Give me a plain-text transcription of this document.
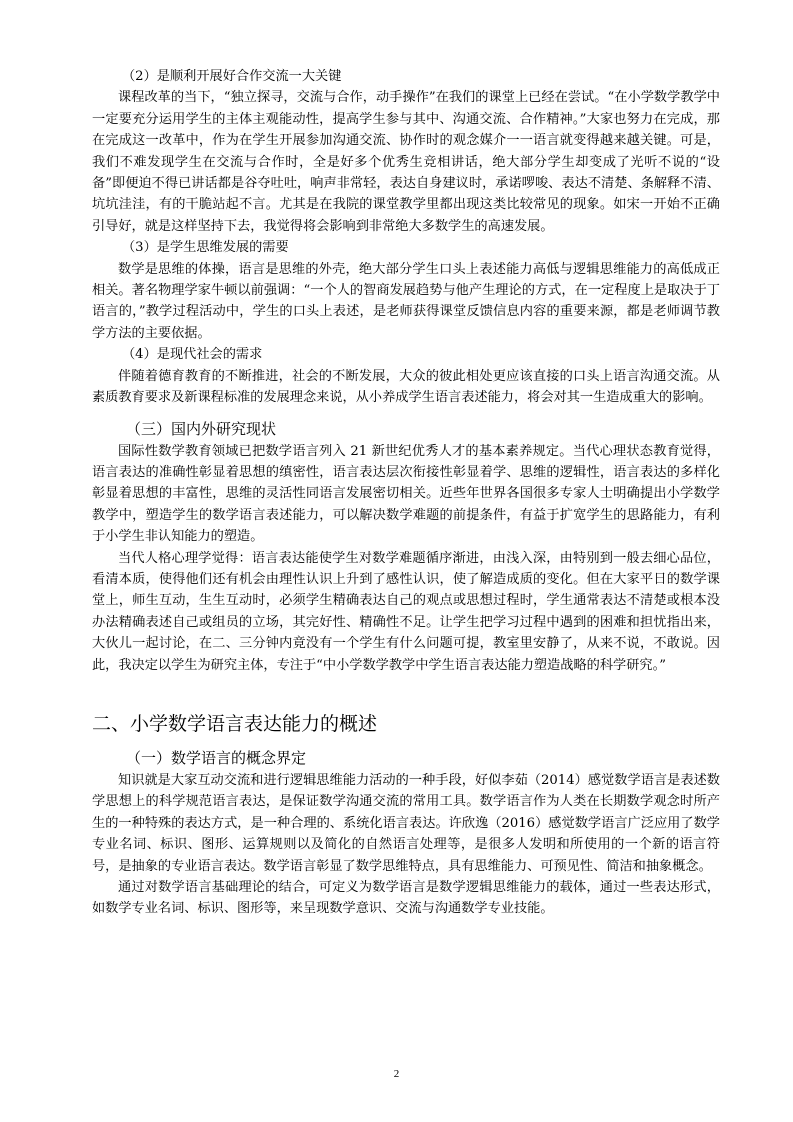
（2）是顺利开展好合作交流一大关键

课程改革的当下，“独立探寻，交流与合作，动手操作”在我们的课堂上已经在尝试。“在小学数学教学中一定要充分运用学生的主体主观能动性，提高学生参与其中、沟通交流、合作精神。”大家也努力在完成，那在完成这一改革中，作为在学生开展参加沟通交流、协作时的观念媒介一一语言就变得越来越关键。可是，我们不难发现学生在交流与合作时，全是好多个优秀生竞相讲话，绝大部分学生却变成了光听不说的“设备”即便迫不得已讲话都是谷夺吐吐，响声非常轻，表达自身建议时，承诺啰唆、表达不清楚、条解释不清、坑坑洼洼，有的干脆站起不言。尤其是在我院的课堂教学里都出现这类比较常见的现象。如宋一开始不正确引导好，就是这样坚持下去，我觉得将会影响到非常绝大多数学生的高速发展。

（3）是学生思维发展的需要

数学是思维的体操，语言是思维的外壳，绝大部分学生口头上表述能力高低与逻辑思维能力的高低成正相关。著名物理学家牛顿以前强调：“一个人的智商发展趋势与他产生理论的方式，在一定程度上是取决于丁语言的，”教学过程活动中，学生的口头上表述，是老师获得课堂反馈信息内容的重要来源，都是老师调节教学方法的主要依据。

（4）是现代社会的需求

伴随着德育教育的不断推进，社会的不断发展，大众的彼此相处更应该直接的口头上语言沟通交流。从素质教育要求及新课程标准的发展理念来说，从小养成学生语言表述能力，将会对其一生造成重大的影响。

（三）国内外研究现状

国际性数学教育领域已把数学语言列入 21 新世纪优秀人才的基本素养规定。当代心理状态教育觉得，语言表达的准确性彰显着思想的缜密性，语言表达层次衔接性彰显着学、思维的逻辑性，语言表达的多样化彰显着思想的丰富性，思维的灵活性同语言发展密切相关。近些年世界各国很多专家人士明确提出小学数学教学中，塑造学生的数学语言表述能力，可以解决数学难题的前提条件，有益于扩宽学生的思路能力，有利于小学生非认知能力的塑造。

当代人格心理学觉得：语言表达能使学生对数学难题循序渐进，由浅入深，由特别到一般去细心品位，看清本质，使得他们还有机会由理性认识上升到了感性认识，使了解造成质的变化。但在大家平日的数学课堂上，师生互动，生生互动时，必须学生精确表达自己的观点或思想过程时，学生通常表达不清楚或根本没办法精确表述自己或组员的立场，其完好性、精确性不足。让学生把学习过程中遇到的困难和担忧指出来，大伙儿一起讨论，在二、三分钟内竟没有一个学生有什么问题可提，教室里安静了，从来不说，不敢说。因此，我决定以学生为研究主体，专注于“中小学数学教学中学生语言表达能力塑造战略的科学研究。”

二、小学数学语言表达能力的概述

（一）数学语言的概念界定

知识就是大家互动交流和进行逻辑思维能力活动的一种手段，好似李茹（2014）感觉数学语言是表述数学思想上的科学规范语言表达，是保证数学沟通交流的常用工具。数学语言作为人类在长期数学观念时所产生的一种特殊的表达方式，是一种合理的、系统化语言表达。许欣逸（2016）感觉数学语言广泛应用了数学专业名词、标识、图形、运算规则以及简化的自然语言处理等，是很多人发明和所使用的一个新的语言符号，是抽象的专业语言表达。数学语言彰显了数学思维特点，具有思维能力、可预见性、简洁和抽象概念。

通过对数学语言基础理论的结合，可定义为数学语言是数学逻辑思维能力的载体，通过一些表达形式，如数学专业名词、标识、图形等，来呈现数学意识、交流与沟通数学专业技能。

2
